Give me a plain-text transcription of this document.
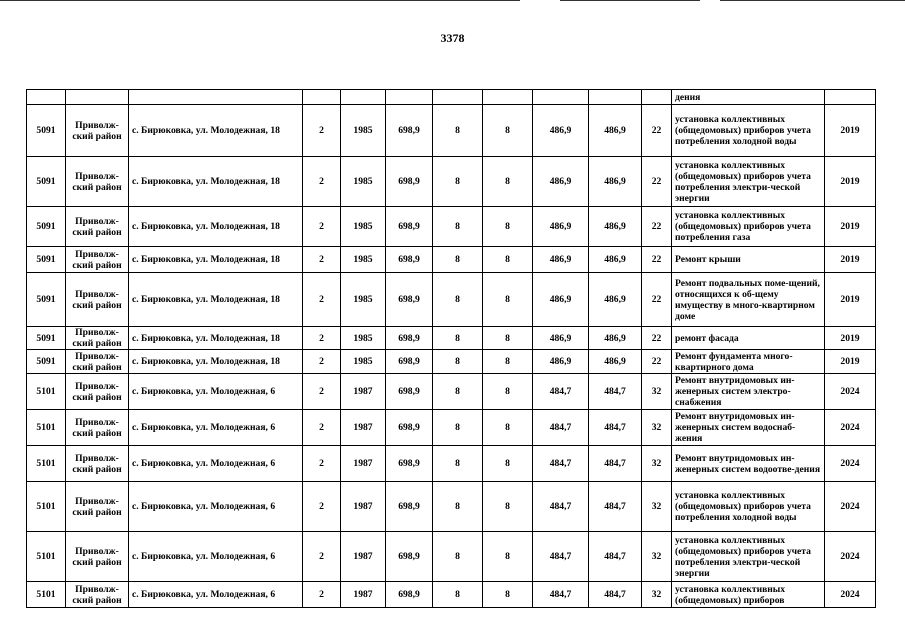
3378
											дения	
5091	Приволж-ский район	с. Бирюковка, ул. Молодежная, 18	2	1985	698,9	8	8	486,9	486,9	22	установка коллективных (общедомовых) приборов учета потребления холодной воды	2019
5091	Приволж-ский район	с. Бирюковка, ул. Молодежная, 18	2	1985	698,9	8	8	486,9	486,9	22	установка коллективных (общедомовых) приборов учета потребления электри-ческой энергии	2019
5091	Приволж-ский район	с. Бирюковка, ул. Молодежная, 18	2	1985	698,9	8	8	486,9	486,9	22	установка коллективных (общедомовых) приборов учета потребления газа	2019
5091	Приволж-ский район	с. Бирюковка, ул. Молодежная, 18	2	1985	698,9	8	8	486,9	486,9	22	Ремонт крыши	2019
5091	Приволж-ский район	с. Бирюковка, ул. Молодежная, 18	2	1985	698,9	8	8	486,9	486,9	22	Ремонт подвальных поме-щений, относящихся к об-щему имуществу в много-квартирном доме	2019
5091	Приволж-ский район	с. Бирюковка, ул. Молодежная, 18	2	1985	698,9	8	8	486,9	486,9	22	ремонт фасада	2019
5091	Приволж-ский район	с. Бирюковка, ул. Молодежная, 18	2	1985	698,9	8	8	486,9	486,9	22	Ремонт фундамента много-квартирного дома	2019
5101	Приволж-ский район	с. Бирюковка, ул. Молодежная, 6	2	1987	698,9	8	8	484,7	484,7	32	Ремонт внутридомовых ин-женерных систем электро-снабжения	2024
5101	Приволж-ский район	с. Бирюковка, ул. Молодежная, 6	2	1987	698,9	8	8	484,7	484,7	32	Ремонт внутридомовых ин-женерных систем водоснаб-жения	2024
5101	Приволж-ский район	с. Бирюковка, ул. Молодежная, 6	2	1987	698,9	8	8	484,7	484,7	32	Ремонт внутридомовых ин-женерных систем водоотве-дения	2024
5101	Приволж-ский район	с. Бирюковка, ул. Молодежная, 6	2	1987	698,9	8	8	484,7	484,7	32	установка коллективных (общедомовых) приборов учета потребления холодной воды	2024
5101	Приволж-ский район	с. Бирюковка, ул. Молодежная, 6	2	1987	698,9	8	8	484,7	484,7	32	установка коллективных (общедомовых) приборов учета потребления электри-ческой энергии	2024
5101	Приволж-ский район	с. Бирюковка, ул. Молодежная, 6	2	1987	698,9	8	8	484,7	484,7	32	установка коллективных (общедомовых) приборов	2024
